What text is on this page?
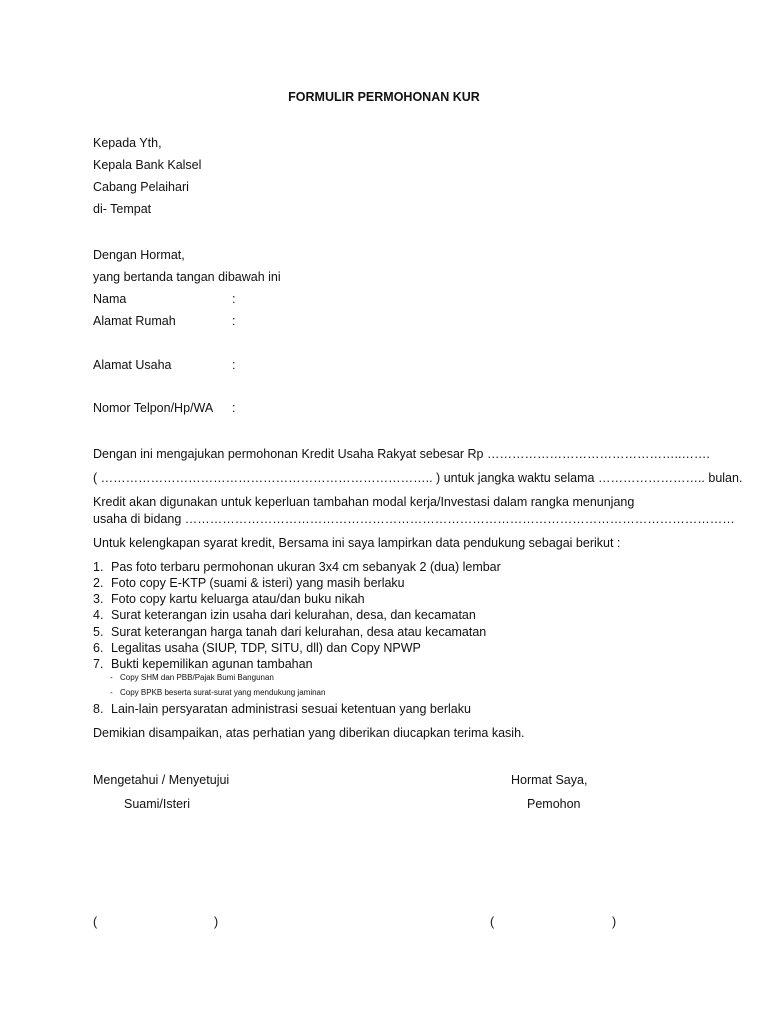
FORMULIR PERMOHONAN KUR
Kepada Yth,
Kepala Bank Kalsel
Cabang Pelaihari
di- Tempat
Dengan Hormat,
yang bertanda tangan dibawah ini
Nama	:
Alamat Rumah	:
Alamat Usaha	:
Nomor Telpon/Hp/WA :
Dengan ini mengajukan permohonan Kredit Usaha Rakyat sebesar Rp ………………………………………..…….
( …………………………………………………………………….. ) untuk jangka waktu selama …………………….. bulan.
Kredit akan digunakan untuk keperluan tambahan modal kerja/Investasi dalam rangka menunjang
usaha di bidang ……………………………………………………………………………………………………………………
Untuk kelengkapan syarat kredit, Bersama ini saya lampirkan data pendukung sebagai berikut :
1. Pas foto terbaru permohonan ukuran 3x4 cm sebanyak 2 (dua) lembar
2. Foto copy E-KTP (suami & isteri) yang masih berlaku
3. Foto copy kartu keluarga atau/dan buku nikah
4. Surat keterangan izin usaha dari kelurahan, desa, dan kecamatan
5. Surat keterangan harga tanah dari kelurahan, desa atau kecamatan
6. Legalitas usaha (SIUP, TDP, SITU, dll) dan Copy NPWP
7. Bukti kepemilikan agunan tambahan
- Copy SHM dan PBB/Pajak Bumi Bangunan
- Copy BPKB beserta surat-surat yang mendukung jaminan
8. Lain-lain persyaratan administrasi sesuai ketentuan yang berlaku
Demikian disampaikan, atas perhatian yang diberikan diucapkan terima kasih.
Mengetahui / Menyetujui
Suami/Isteri
Hormat Saya,
Pemohon
(	)	(	)
